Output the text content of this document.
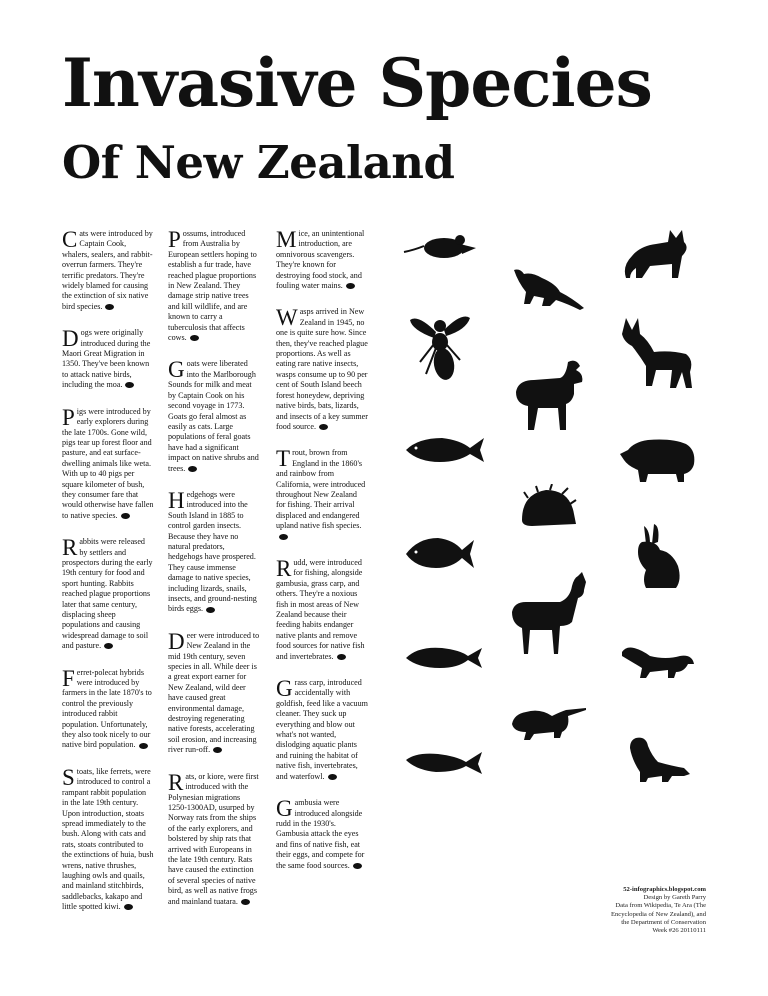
Invasive Species
Of New Zealand

Cats were introduced by Captain Cook, whalers, sealers, and rabbit-overrun farmers. They're terrific predators. They're widely blamed for causing the extinction of six native bird species.

Dogs were originally introduced during the Maori Great Migration in 1350. They've been known to attack native birds, including the moa.

Pigs were introduced by early explorers during the late 1700s. Gone wild, pigs tear up forest floor and pasture, and eat surface-dwelling animals like weta. With up to 40 pigs per square kilometer of bush, they consumer fare that would otherwise have fallen to native species.

Rabbits were released by settlers and prospectors during the early 19th century for food and sport hunting. Rabbits reached plague proportions later that same century, displacing sheep populations and causing widespread damage to soil and pasture.

Ferret-polecat hybrids were introduced by farmers in the late 1870's to control the previously introduced rabbit population. Unfortunately, they also took nicely to our native bird population.

Stoats, like ferrets, were introduced to control a rampant rabbit population in the late 19th century. Upon introduction, stoats spread immediately to the bush. Along with cats and rats, stoats contributed to the extinctions of huia, bush wrens, native thrushes, laughing owls and quails, and mainland stitchbirds, saddlebacks, kakapo and little spotted kiwi.

Possums, introduced from Australia by European settlers hoping to establish a fur trade, have reached plague proportions in New Zealand. They damage strip native trees and kill wildlife, and are known to carry a tuberculosis that affects cows.

Goats were liberated into the Marlborough Sounds for milk and meat by Captain Cook on his second voyage in 1773. Goats go feral almost as easily as cats. Large populations of feral goats have had a significant impact on native shrubs and trees.

Hedgehogs were introduced into the South Island in 1885 to control garden insects. Because they have no natural predators, hedgehogs have prospered. They cause immense damage to native species, including lizards, snails, insects, and ground-nesting birds eggs.

Deer were introduced to New Zealand in the mid 19th century, seven species in all. While deer is a great export earner for New Zealand, wild deer have caused great environmental damage, destroying regenerating native forests, accelerating soil erosion, and increasing river run-off.

Rats, or kiore, were first introduced with the Polynesian migrations 1250-1300AD, usurped by Norway rats from the ships of the early explorers, and bolstered by ship rats that arrived with Europeans in the late 19th century. Rats have caused the extinction of several species of native bird, as well as native frogs and mainland tuatara.

Mice, an unintentional introduction, are omnivorous scavengers. They're known for destroying food stock, and fouling water mains.

Wasps arrived in New Zealand in 1945, no one is quite sure how. Since then, they've reached plague proportions. As well as eating rare native insects, wasps consume up to 90 per cent of South Island beech forest honeydew, depriving native birds, bats, lizards, and insects of a key summer food source.

Trout, brown from England in the 1860's and rainbow from California, were introduced throughout New Zealand for fishing. Their arrival displaced and endangered upland native fish species.

Rudd, were introduced for fishing, alongside gambusia, grass carp, and others. They're a noxious fish in most areas of New Zealand because their feeding habits endanger native plants and remove food sources for native fish and invertebrates.

Grass carp, introduced accidentally with goldfish, feed like a vacuum cleaner. They suck up everything and blow out what's not wanted, dislodging aquatic plants and ruining the habitat of native fish, invertebrates, and waterfowl.

Gambusia were introduced alongside rudd in the 1930's. Gambusia attack the eyes and fins of native fish, eat their eggs, and compete for the same food sources.

52-infographics.blogspot.com
Design by Gareth Parry
Data from Wikipedia, Te Ara (The
Encyclopedia of New Zealand), and
the Department of Conservation
Week #26 20110111
